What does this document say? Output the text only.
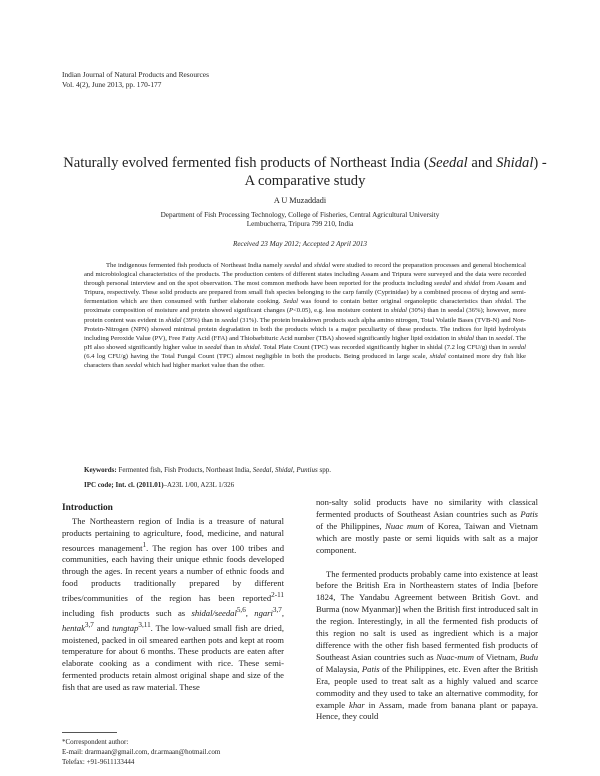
Indian Journal of Natural Products and Resources
Vol. 4(2), June 2013, pp. 170-177
Naturally evolved fermented fish products of Northeast India (Seedal and Shidal) -
A comparative study
A U Muzaddadi
Department of Fish Processing Technology, College of Fisheries, Central Agricultural University
Lembucherra, Tripura 799 210, India
Received 23 May 2012; Accepted 2 April 2013
The indigenous fermented fish products of Northeast India namely seedal and shidal were studied to record the preparation processes and general biochemical and microbiological characteristics of the products. The production centers of different states including Assam and Tripura were surveyed and the data were recorded through personal interview and on the spot observation. The most common methods have been reported for the products including seedal and shidal from Assam and Tripura, respectively. These solid products are prepared from small fish species belonging to the carp family (Cyprinidae) by a combined process of drying and semi-fermentation which are then consumed with further elaborate cooking. Sedal was found to contain better original organoleptic characteristics than shidal. The proximate composition of moisture and protein showed significant changes (P<0.05), e.g. less moisture content in shidal (30%) than in seedal (36%); however, more protein content was evident in shidal (39%) than in seedal (31%). The protein breakdown products such alpha amino nitrogen, Total Volatile Bases (TVB-N) and Non-Protein-Nitrogen (NPN) showed minimal protein degradation in both the products which is a major peculiarity of these products. The indices for lipid hydrolysis including Peroxide Value (PV), Free Fatty Acid (FFA) and Thiobarbituric Acid number (TBA) showed significantly higher lipid oxidation in shidal than in seedal. The pH also showed significantly higher value in seedal than in shidal. Total Plate Count (TPC) was recorded significantly higher in shidal (7.2 log CFU/g) than in seedal (6.4 log CFU/g) having the Total Fungal Count (TPC) almost negligible in both the products. Being produced in large scale, shidal contained more dry fish like characters than seedal which had higher market value than the other.
Keywords: Fermented fish, Fish Products, Northeast India, Seedal, Shidal, Puntius spp.
IPC code; Int. cl. (2011.01)–A23L 1/00, A23L 1/326
Introduction

The Northeastern region of India is a treasure of natural products pertaining to agriculture, food, medicine, and natural resources management$^1$. The region has over 100 tribes and communities, each having their unique ethnic foods developed through the ages. In recent years a number of ethnic foods and food products traditionally prepared by different tribes/communities of the region has been reported$^{2-11}$ including fish products such as shidal/seedal$^{5,6}$, ngari$^{3,7}$, hentak$^{3,7}$ and tungtap$^{3,11}$. The low-valued small fish are dried, moistened, packed in oil smeared earthen pots and kept at room temperature for about 6 months. These products are eaten after elaborate cooking as a condiment with rice. These semi-fermented products retain almost original shape and size of the fish that are used as raw material. These

non-salty solid products have no similarity with classical fermented products of Southeast Asian countries such as Patis of the Philippines, Nuac mum of Korea, Taiwan and Vietnam which are mostly paste or semi liquids with salt as a major component.

The fermented products probably came into existence at least before the British Era in Northeastern states of India [before 1824, The Yandabu Agreement between British Govt. and Burma (now Myanmar)] when the British first introduced salt in the region. Interestingly, in all the fermented fish products of this region no salt is used as ingredient which is a major difference with the other fish based fermented fish products of Southeast Asian countries such as Nuac-mum of Vietnam, Budu of Malaysia, Patis of the Philippines, etc. Even after the British Era, people used to treat salt as a highly valued and scarce commodity and they used to take an alternative commodity, for example khar in Assam, made from banana plant or papaya. Hence, they could

*Correspondent author:
E-mail: drarmaan@gmail.com, dr.armaan@hotmail.com
Telefax: +91-9611133444
